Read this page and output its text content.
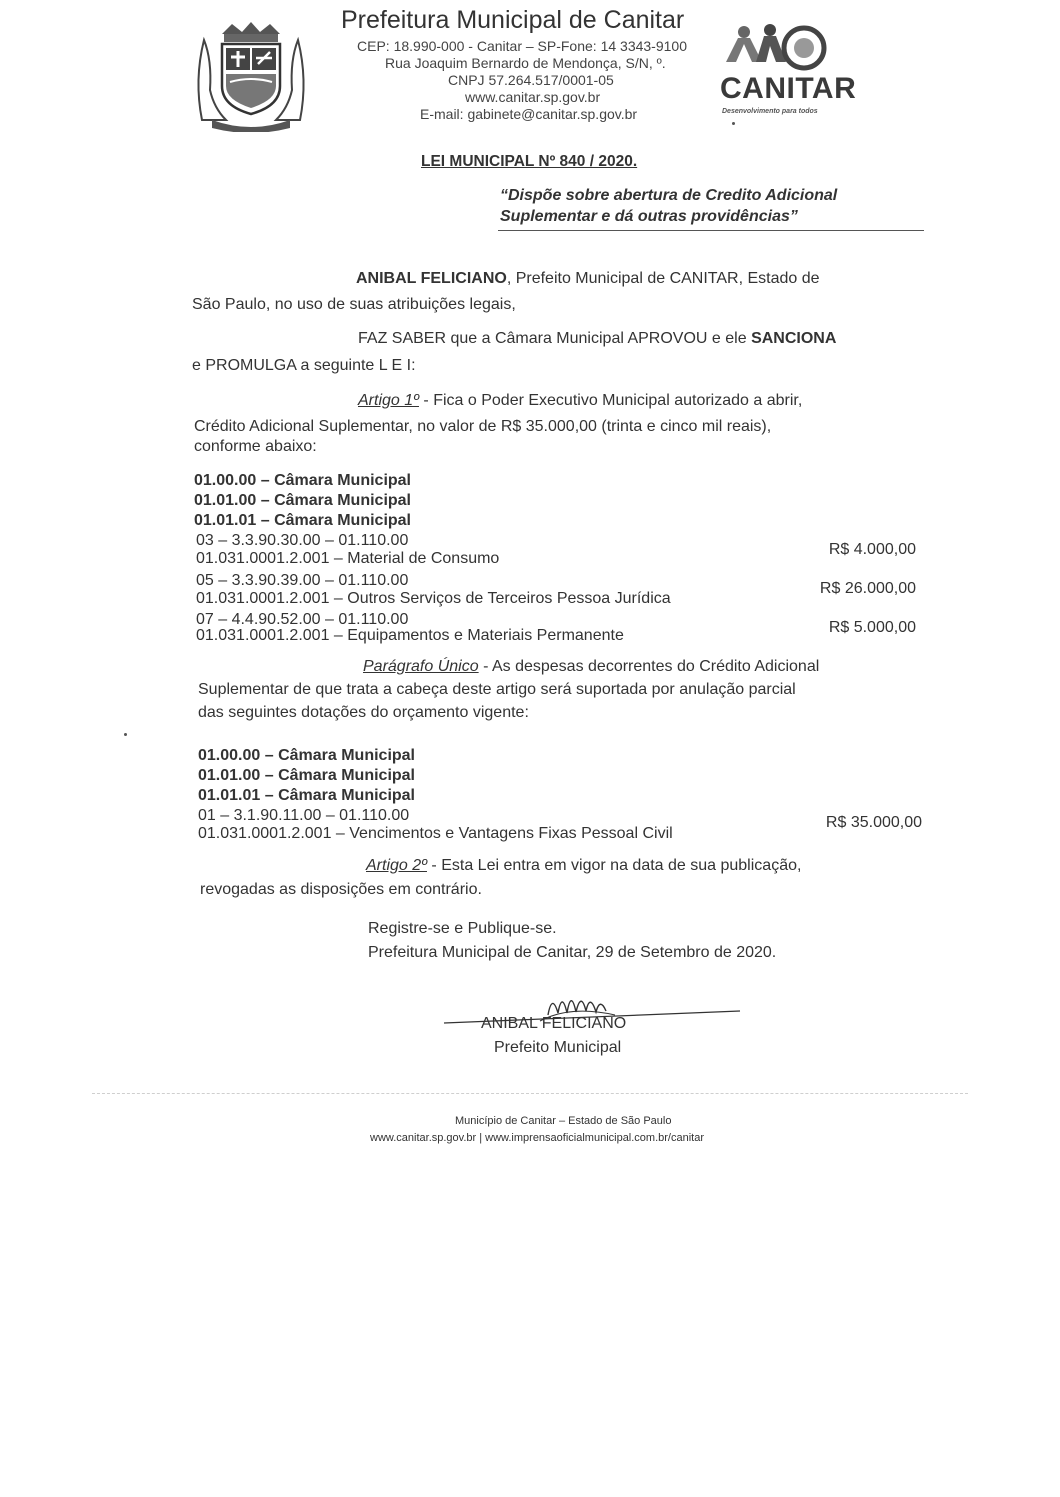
Prefeitura Municipal de Canitar
CEP: 18.990-000 - Canitar – SP-Fone: 14 3343-9100
Rua Joaquim Bernardo de Mendonça, S/N, º.
CNPJ 57.264.517/0001-05
www.canitar.sp.gov.br
E-mail: gabinete@canitar.sp.gov.br
CANITAR
Desenvolvimento para todos
LEI MUNICIPAL Nº 840 / 2020.
“Dispõe sobre abertura de Credito Adicional Suplementar e dá outras providências”
ANIBAL FELICIANO, Prefeito Municipal de CANITAR, Estado de
São Paulo, no uso de suas atribuições legais,
FAZ SABER que a Câmara Municipal APROVOU e ele SANCIONA
e PROMULGA a seguinte L E I:
Artigo 1º - Fica o Poder Executivo Municipal autorizado a abrir,
Crédito Adicional Suplementar, no valor de R$ 35.000,00 (trinta e cinco mil reais),
conforme abaixo:
01.00.00 – Câmara Municipal
01.01.00 – Câmara Municipal
01.01.01 – Câmara Municipal
03 – 3.3.90.30.00 – 01.110.00
01.031.0001.2.001 – Material de Consumo
R$ 4.000,00
05 – 3.3.90.39.00 – 01.110.00
01.031.0001.2.001 – Outros Serviços de Terceiros Pessoa Jurídica
R$ 26.000,00
07 – 4.4.90.52.00 – 01.110.00
01.031.0001.2.001 – Equipamentos e Materiais Permanente	R$ 5.000,00
Parágrafo Único - As despesas decorrentes do Crédito Adicional
Suplementar de que trata a cabeça deste artigo será suportada por anulação parcial
das seguintes dotações do orçamento vigente:
01.00.00 – Câmara Municipal
01.01.00 – Câmara Municipal
01.01.01 – Câmara Municipal
01 – 3.1.90.11.00 – 01.110.00
01.031.0001.2.001 – Vencimentos e Vantagens Fixas Pessoal Civil
R$ 35.000,00
Artigo 2º - Esta Lei entra em vigor na data de sua publicação,
revogadas as disposições em contrário.
Registre-se e Publique-se.
Prefeitura Municipal de Canitar, 29 de Setembro de 2020.
ANIBAL FELICIANO
Prefeito Municipal
Município de Canitar – Estado de São Paulo
www.canitar.sp.gov.br | www.imprensaoficialmunicipal.com.br/canitar
